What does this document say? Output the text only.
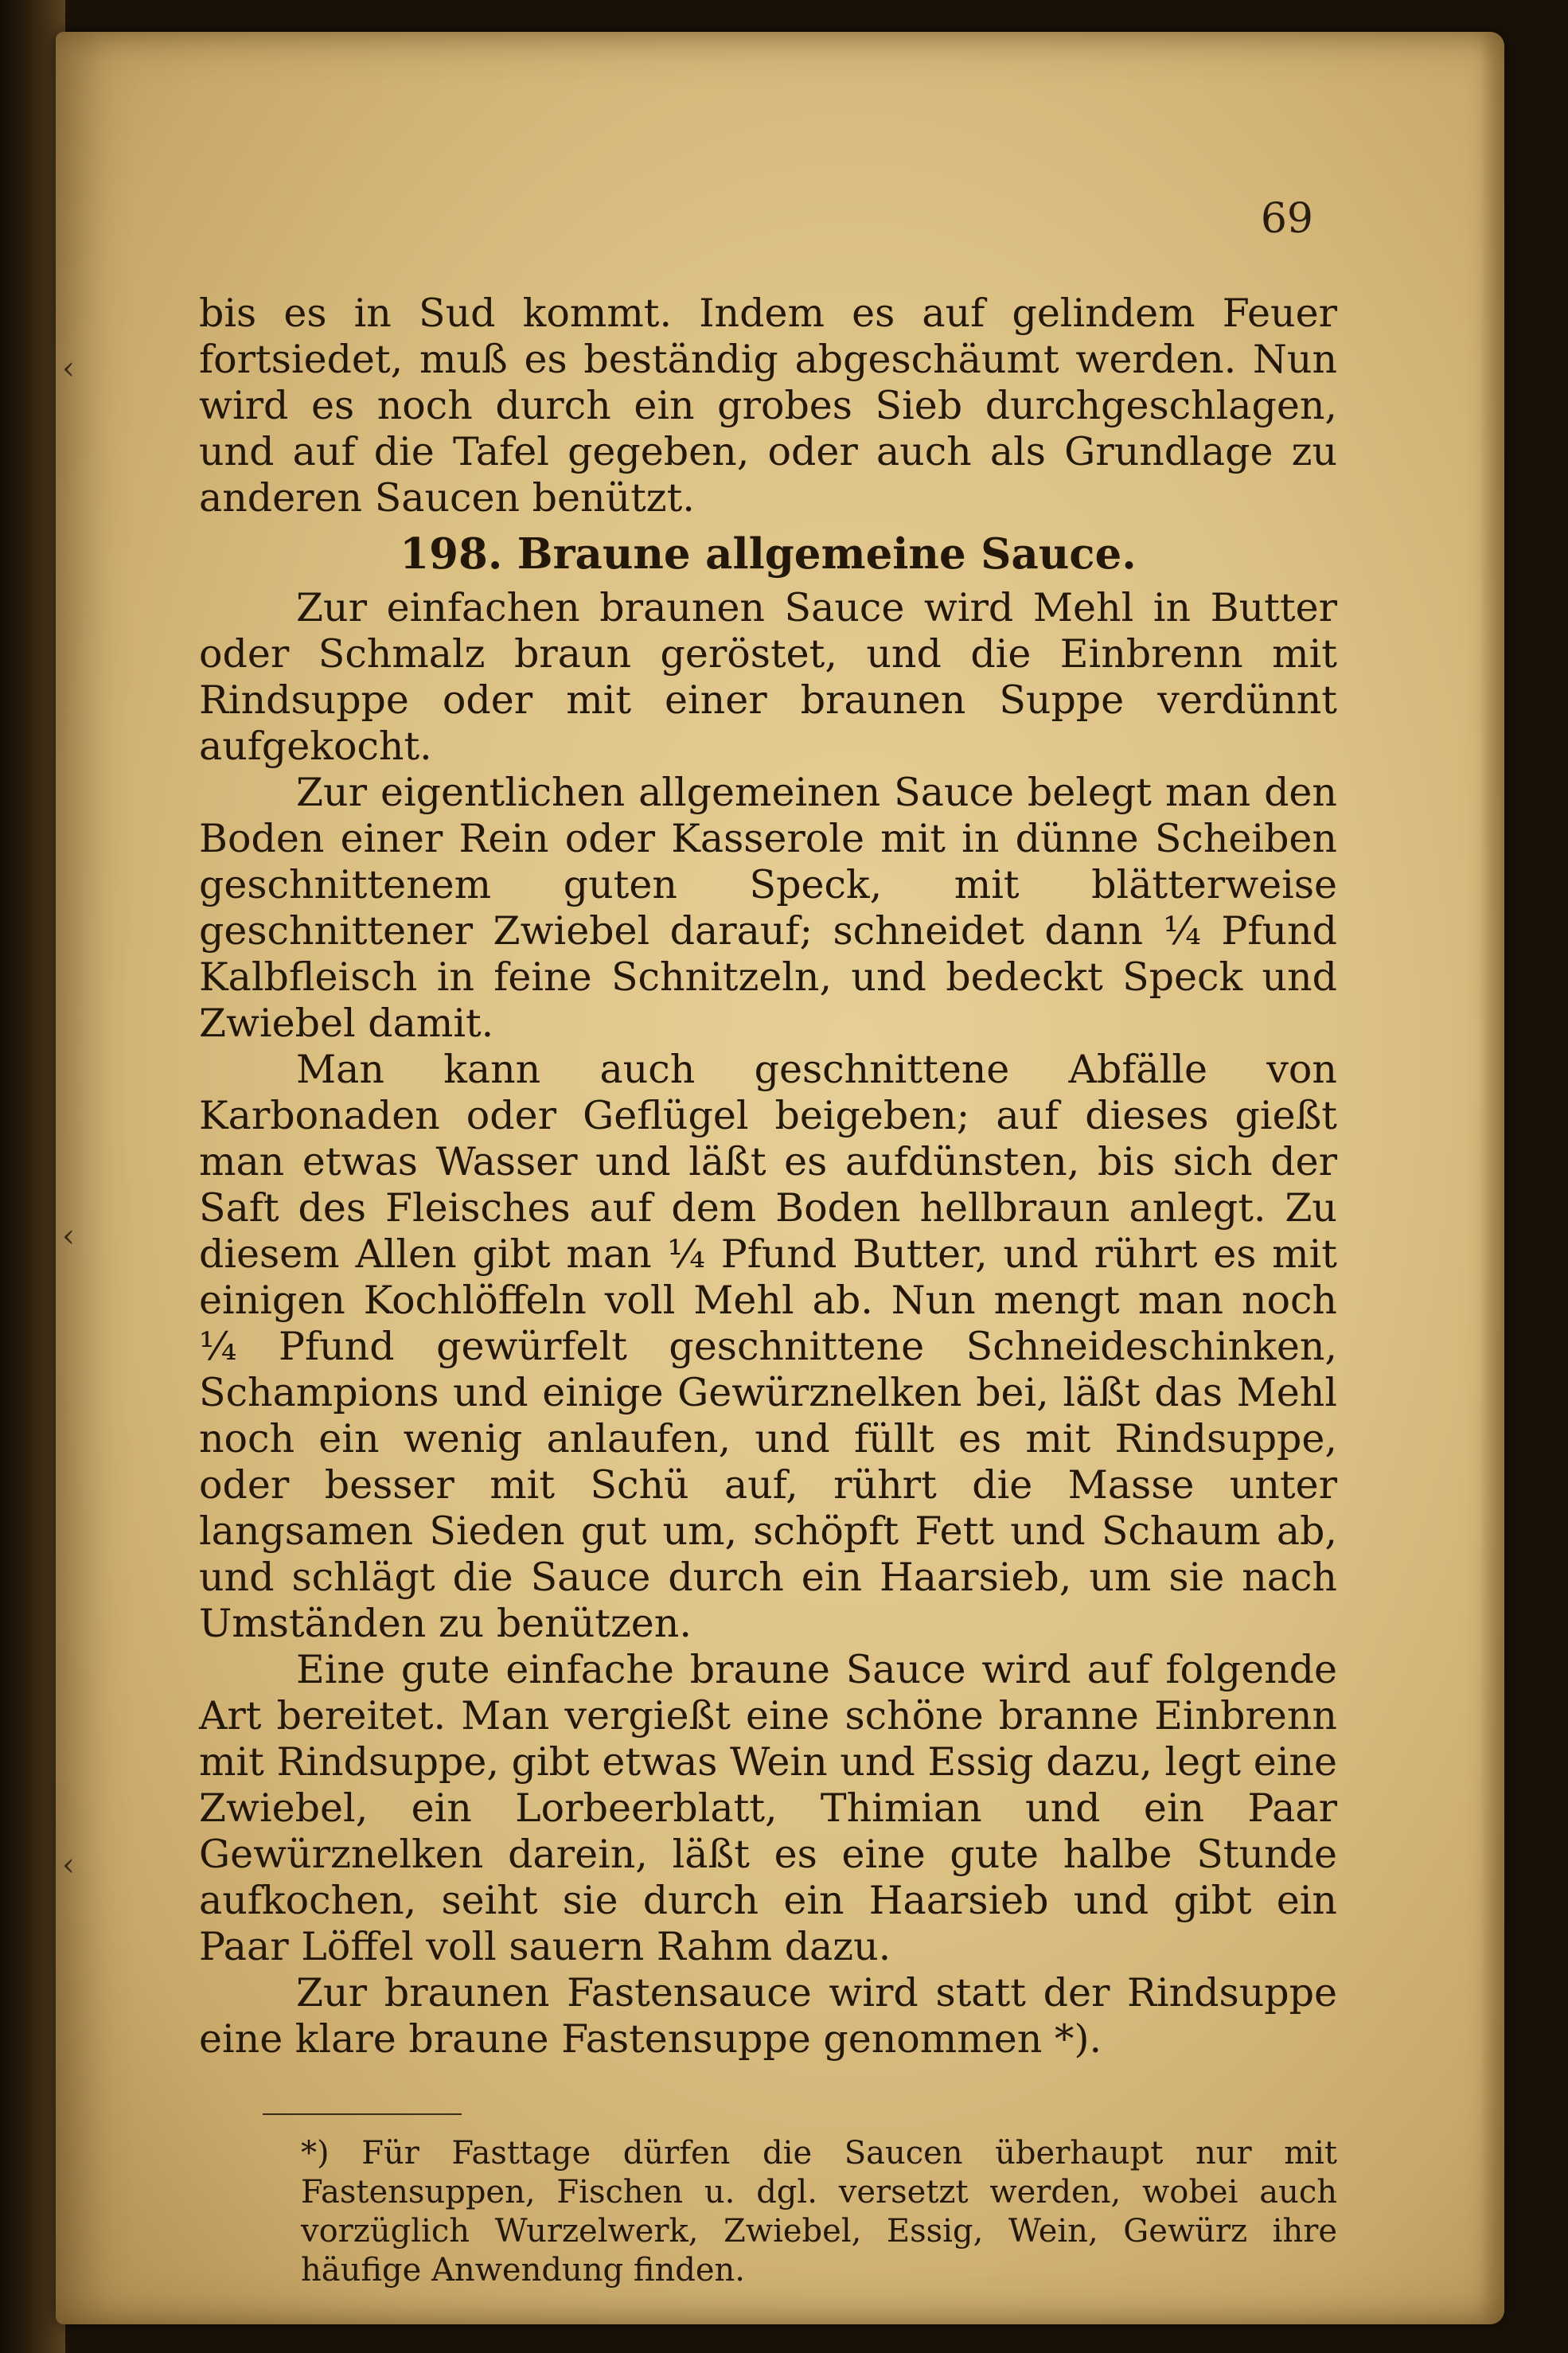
‹
‹
‹
69

bis es in Sud kommt. Indem es auf gelindem Feuer fortsiedet, muß es beständig abgeschäumt werden. Nun wird es noch durch ein grobes Sieb durchgeschlagen, und auf die Tafel gegeben, oder auch als Grundlage zu anderen Saucen benützt.

198. Braune allgemeine Sauce.

Zur einfachen braunen Sauce wird Mehl in Butter oder Schmalz braun geröstet, und die Einbrenn mit Rindsuppe oder mit einer braunen Suppe verdünnt aufgekocht.

Zur eigentlichen allgemeinen Sauce belegt man den Boden einer Rein oder Kasserole mit in dünne Scheiben geschnittenem guten Speck, mit blätterweise geschnittener Zwiebel darauf; schneidet dann ¼ Pfund Kalbfleisch in feine Schnitzeln, und bedeckt Speck und Zwiebel damit.

Man kann auch geschnittene Abfälle von Karbonaden oder Geflügel beigeben; auf dieses gießt man etwas Wasser und läßt es aufdünsten, bis sich der Saft des Fleisches auf dem Boden hellbraun anlegt. Zu diesem Allen gibt man ¼ Pfund Butter, und rührt es mit einigen Kochlöffeln voll Mehl ab. Nun mengt man noch ¼ Pfund gewürfelt geschnittene Schneideschinken, Schampions und einige Gewürznelken bei, läßt das Mehl noch ein wenig anlaufen, und füllt es mit Rindsuppe, oder besser mit Schü auf, rührt die Masse unter langsamen Sieden gut um, schöpft Fett und Schaum ab, und schlägt die Sauce durch ein Haarsieb, um sie nach Umständen zu benützen.

Eine gute einfache braune Sauce wird auf folgende Art bereitet. Man vergießt eine schöne branne Einbrenn mit Rindsuppe, gibt etwas Wein und Essig dazu, legt eine Zwiebel, ein Lorbeerblatt, Thimian und ein Paar Gewürznelken darein, läßt es eine gute halbe Stunde aufkochen, seiht sie durch ein Haarsieb und gibt ein Paar Löffel voll sauern Rahm dazu.

Zur braunen Fastensauce wird statt der Rindsuppe eine klare braune Fastensuppe genommen *).

*) Für Fasttage dürfen die Saucen überhaupt nur mit Fastensuppen, Fischen u. dgl. versetzt werden, wobei auch vorzüglich Wurzelwerk, Zwiebel, Essig, Wein, Gewürz ihre häufige Anwendung finden.
